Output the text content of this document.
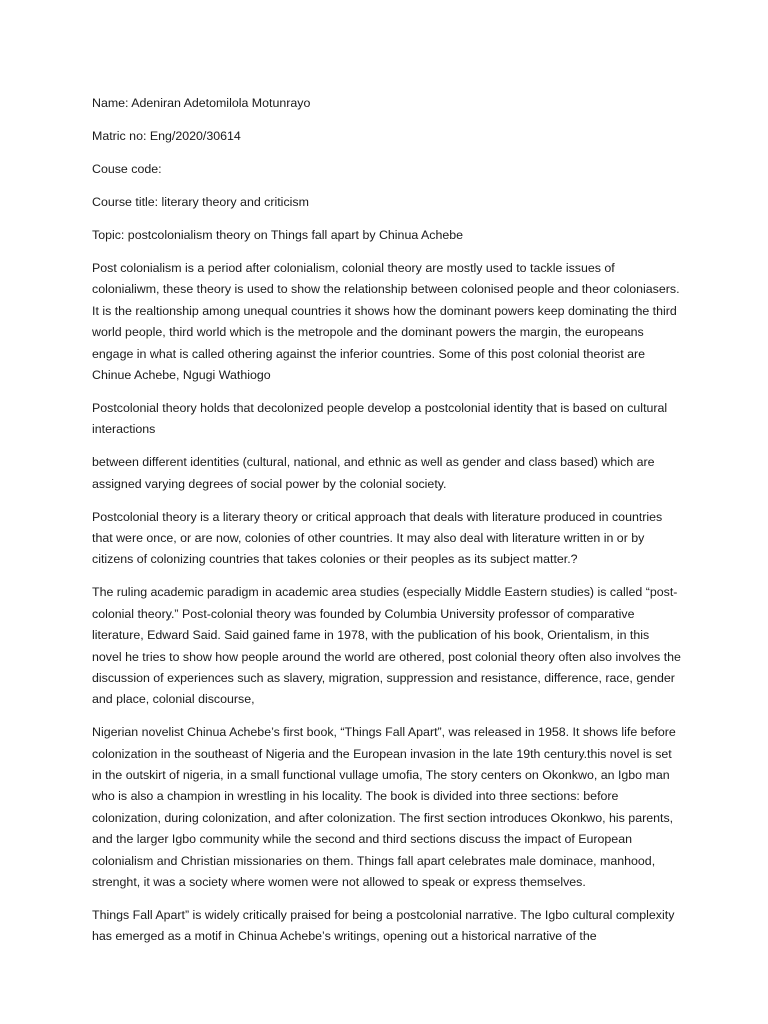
Name: Adeniran Adetomilola Motunrayo

Matric no: Eng/2020/30614

Couse code:

Course title: literary theory and criticism

Topic: postcolonialism theory on Things fall apart by Chinua Achebe

Post colonialism is a period after colonialism, colonial theory are mostly used to tackle issues of colonialiwm, these theory is used to show the relationship between colonised people and theor coloniasers. It is the realtionship among unequal countries it shows how the dominant powers keep dominating the third world people, third world which is the metropole and the dominant powers the margin, the europeans engage in what is called othering against the inferior countries. Some of this post colonial theorist are Chinue Achebe, Ngugi Wathiogo

Postcolonial theory holds that decolonized people develop a postcolonial identity that is based on cultural interactions

between different identities (cultural, national, and ethnic as well as gender and class based) which are assigned varying degrees of social power by the colonial society.

Postcolonial theory is a literary theory or critical approach that deals with literature produced in countries that were once, or are now, colonies of other countries. It may also deal with literature written in or by citizens of colonizing countries that takes colonies or their peoples as its subject matter.?

The ruling academic paradigm in academic area studies (especially Middle Eastern studies) is called “post-colonial theory.” Post-colonial theory was founded by Columbia University professor of comparative literature, Edward Said. Said gained fame in 1978, with the publication of his book, Orientalism, in this novel he tries to show how people around the world are othered, post colonial theory often also involves the discussion of experiences such as slavery, migration, suppression and resistance, difference, race, gender and place, colonial discourse,

Nigerian novelist Chinua Achebe’s first book, “Things Fall Apart”, was released in 1958. It shows life before colonization in the southeast of Nigeria and the European invasion in the late 19th century.this novel is set in the outskirt of nigeria, in a small functional vullage umofia, The story centers on Okonkwo, an Igbo man who is also a champion in wrestling in his locality. The book is divided into three sections: before colonization, during colonization, and after colonization. The first section introduces Okonkwo, his parents, and the larger Igbo community while the second and third sections discuss the impact of European colonialism and Christian missionaries on them. Things fall apart celebrates male dominace, manhood, strenght, it was a society where women were not allowed to speak or express themselves.

Things Fall Apart” is widely critically praised for being a postcolonial narrative. The Igbo cultural complexity has emerged as a motif in Chinua Achebe’s writings, opening out a historical narrative of the
